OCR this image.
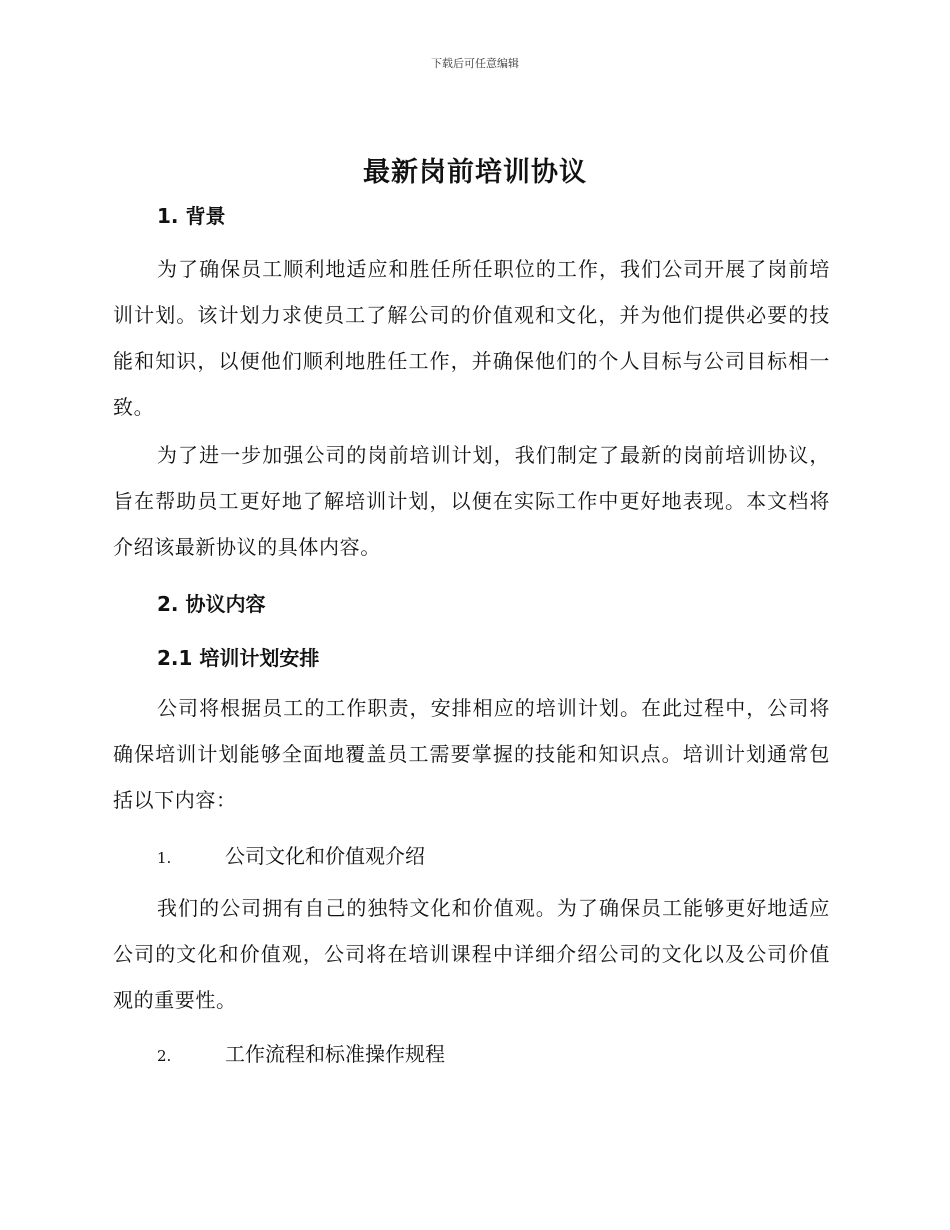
下载后可任意编辑
最新岗前培训协议
1. 背景

为了确保员工顺利地适应和胜任所任职位的工作，我们公司开展了岗前培训计划。该计划力求使员工了解公司的价值观和文化，并为他们提供必要的技能和知识，以便他们顺利地胜任工作，并确保他们的个人目标与公司目标相一致。

为了进一步加强公司的岗前培训计划，我们制定了最新的岗前培训协议，旨在帮助员工更好地了解培训计划，以便在实际工作中更好地表现。本文档将介绍该最新协议的具体内容。

2. 协议内容
2.1 培训计划安排

公司将根据员工的工作职责，安排相应的培训计划。在此过程中，公司将确保培训计划能够全面地覆盖员工需要掌握的技能和知识点。培训计划通常包括以下内容：

1.	公司文化和价值观介绍

我们的公司拥有自己的独特文化和价值观。为了确保员工能够更好地适应公司的文化和价值观，公司将在培训课程中详细介绍公司的文化以及公司价值观的重要性。

2.	工作流程和标准操作规程
